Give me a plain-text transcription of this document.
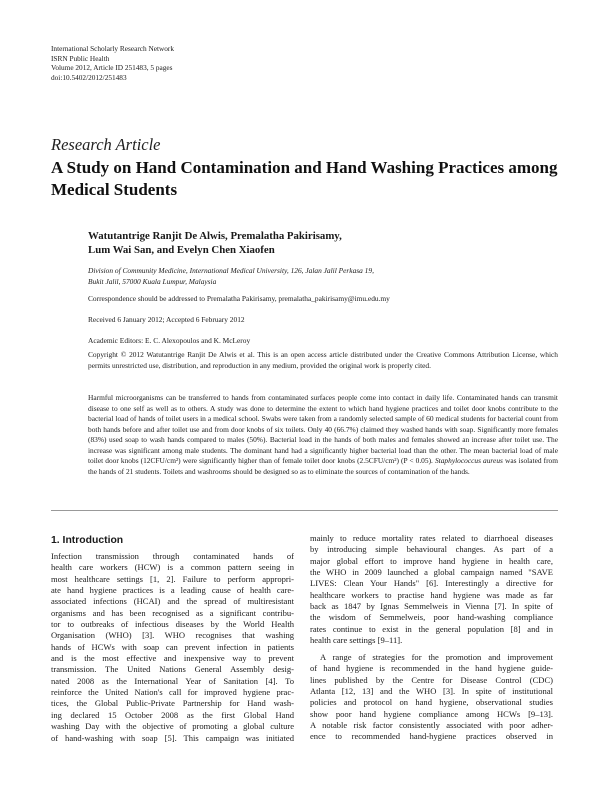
International Scholarly Research Network
ISRN Public Health
Volume 2012, Article ID 251483, 5 pages
doi:10.5402/2012/251483
Research Article
A Study on Hand Contamination and Hand Washing Practices among Medical Students
Watutantrige Ranjit De Alwis, Premalatha Pakirisamy,
Lum Wai San, and Evelyn Chen Xiaofen
Division of Community Medicine, International Medical University, 126, Jalan Jalil Perkasa 19,
Bukit Jalil, 57000 Kuala Lumpur, Malaysia
Correspondence should be addressed to Premalatha Pakirisamy, premalatha_pakirisamy@imu.edu.my
Received 6 January 2012; Accepted 6 February 2012
Academic Editors: E. C. Alexopoulos and K. McLeroy
Copyright © 2012 Watutantrige Ranjit De Alwis et al. This is an open access article distributed under the Creative Commons Attribution License, which permits unrestricted use, distribution, and reproduction in any medium, provided the original work is properly cited.
Harmful microorganisms can be transferred to hands from contaminated surfaces people come into contact in daily life. Contaminated hands can transmit disease to one self as well as to others. A study was done to determine the extent to which hand hygiene practices and toilet door knobs contribute to the bacterial load of hands of toilet users in a medical school. Swabs were taken from a randomly selected sample of 60 medical students for bacterial count from both hands before and after toilet use and from door knobs of six toilets. Only 40 (66.7%) claimed they washed hands with soap. Significantly more females (83%) used soap to wash hands compared to males (50%). Bacterial load in the hands of both males and females showed an increase after toilet use. The increase was significant among male students. The dominant hand had a significantly higher bacterial load than the other. The mean bacterial load of male toilet door knobs (12CFU/cm²) were significantly higher than of female toilet door knobs (2.5CFU/cm²) (P < 0.05). Staphylococcus aureus was isolated from the hands of 21 students. Toilets and washrooms should be designed so as to eliminate the sources of contamination of the hands.
1. Introduction
Infection transmission through contaminated hands of
health care workers (HCW) is a common pattern seeing in
most healthcare settings [1, 2]. Failure to perform appropri-
ate hand hygiene practices is a leading cause of health care-
associated infections (HCAI) and the spread of multiresistant
organisms and has been recognised as a significant contribu-
tor to outbreaks of infectious diseases by the World Health
Organisation (WHO) [3]. WHO recognises that washing
hands of HCWs with soap can prevent infection in patients
and is the most effective and inexpensive way to prevent
transmission. The United Nations General Assembly desig-
nated 2008 as the International Year of Sanitation [4]. To
reinforce the United Nation's call for improved hygiene prac-
tices, the Global Public-Private Partnership for Hand wash-
ing declared 15 October 2008 as the first Global Hand
washing Day with the objective of promoting a global culture
of hand-washing with soap [5]. This campaign was initiated
mainly to reduce mortality rates related to diarrhoeal diseases
by introducing simple behavioural changes. As part of a
major global effort to improve hand hygiene in health care,
the WHO in 2009 launched a global campaign named "SAVE
LIVES: Clean Your Hands" [6]. Interestingly a directive for
healthcare workers to practise hand hygiene was made as far
back as 1847 by Ignas Semmelweis in Vienna [7]. In spite of
the wisdom of Semmelweis, poor hand-washing compliance
rates continue to exist in the general population [8] and in
health care settings [9–11].
A range of strategies for the promotion and improvement
of hand hygiene is recommended in the hand hygiene guide-
lines published by the Centre for Disease Control (CDC)
Atlanta [12, 13] and the WHO [3]. In spite of institutional
policies and protocol on hand hygiene, observational studies
show poor hand hygiene compliance among HCWs [9–13].
A notable risk factor consistently associated with poor adher-
ence to recommended hand-hygiene practices observed in
